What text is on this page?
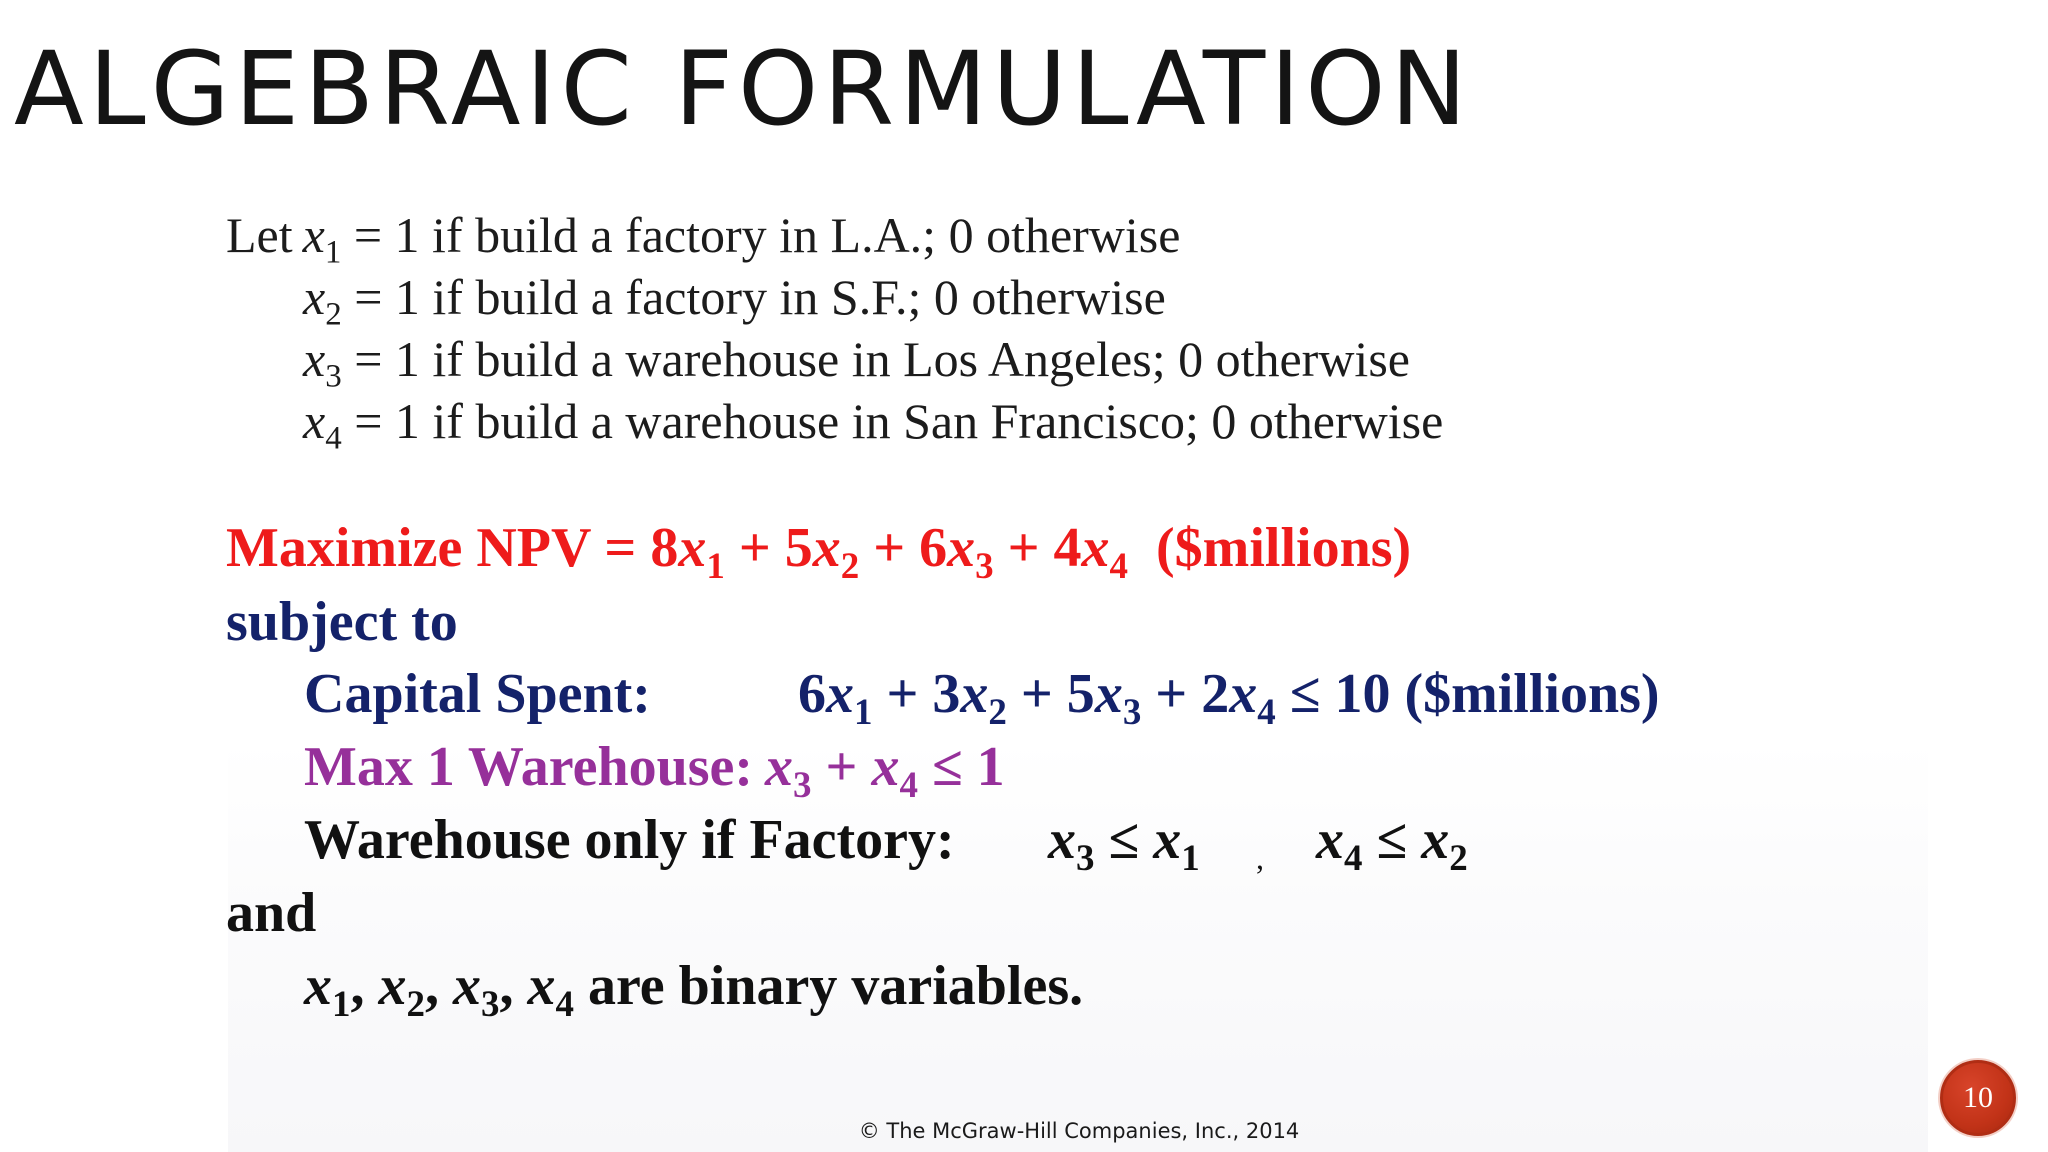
ALGEBRAIC FORMULATION
Let $x_1 = 1$ if build a factory in L.A.; 0 otherwise
$x_2 = 1$ if build a factory in S.F.; 0 otherwise
$x_3 = 1$ if build a warehouse in Los Angeles; 0 otherwise
$x_4 = 1$ if build a warehouse in San Francisco; 0 otherwise
Maximize NPV = $8x_1 + 5x_2 + 6x_3 + 4x_4$  ($millions)
subject to
Capital Spent:	$6x_1 + 3x_2 + 5x_3 + 2x_4 \le 10$ ($millions)
Max 1 Warehouse: $x_3 + x_4 \le 1$
Warehouse only if Factory: $x_3 \le x_1$ , $x_4 \le x_2$
and
$x_1$, $x_2$, $x_3$, $x_4$ are binary variables.
© The McGraw-Hill Companies, Inc., 2014
10
